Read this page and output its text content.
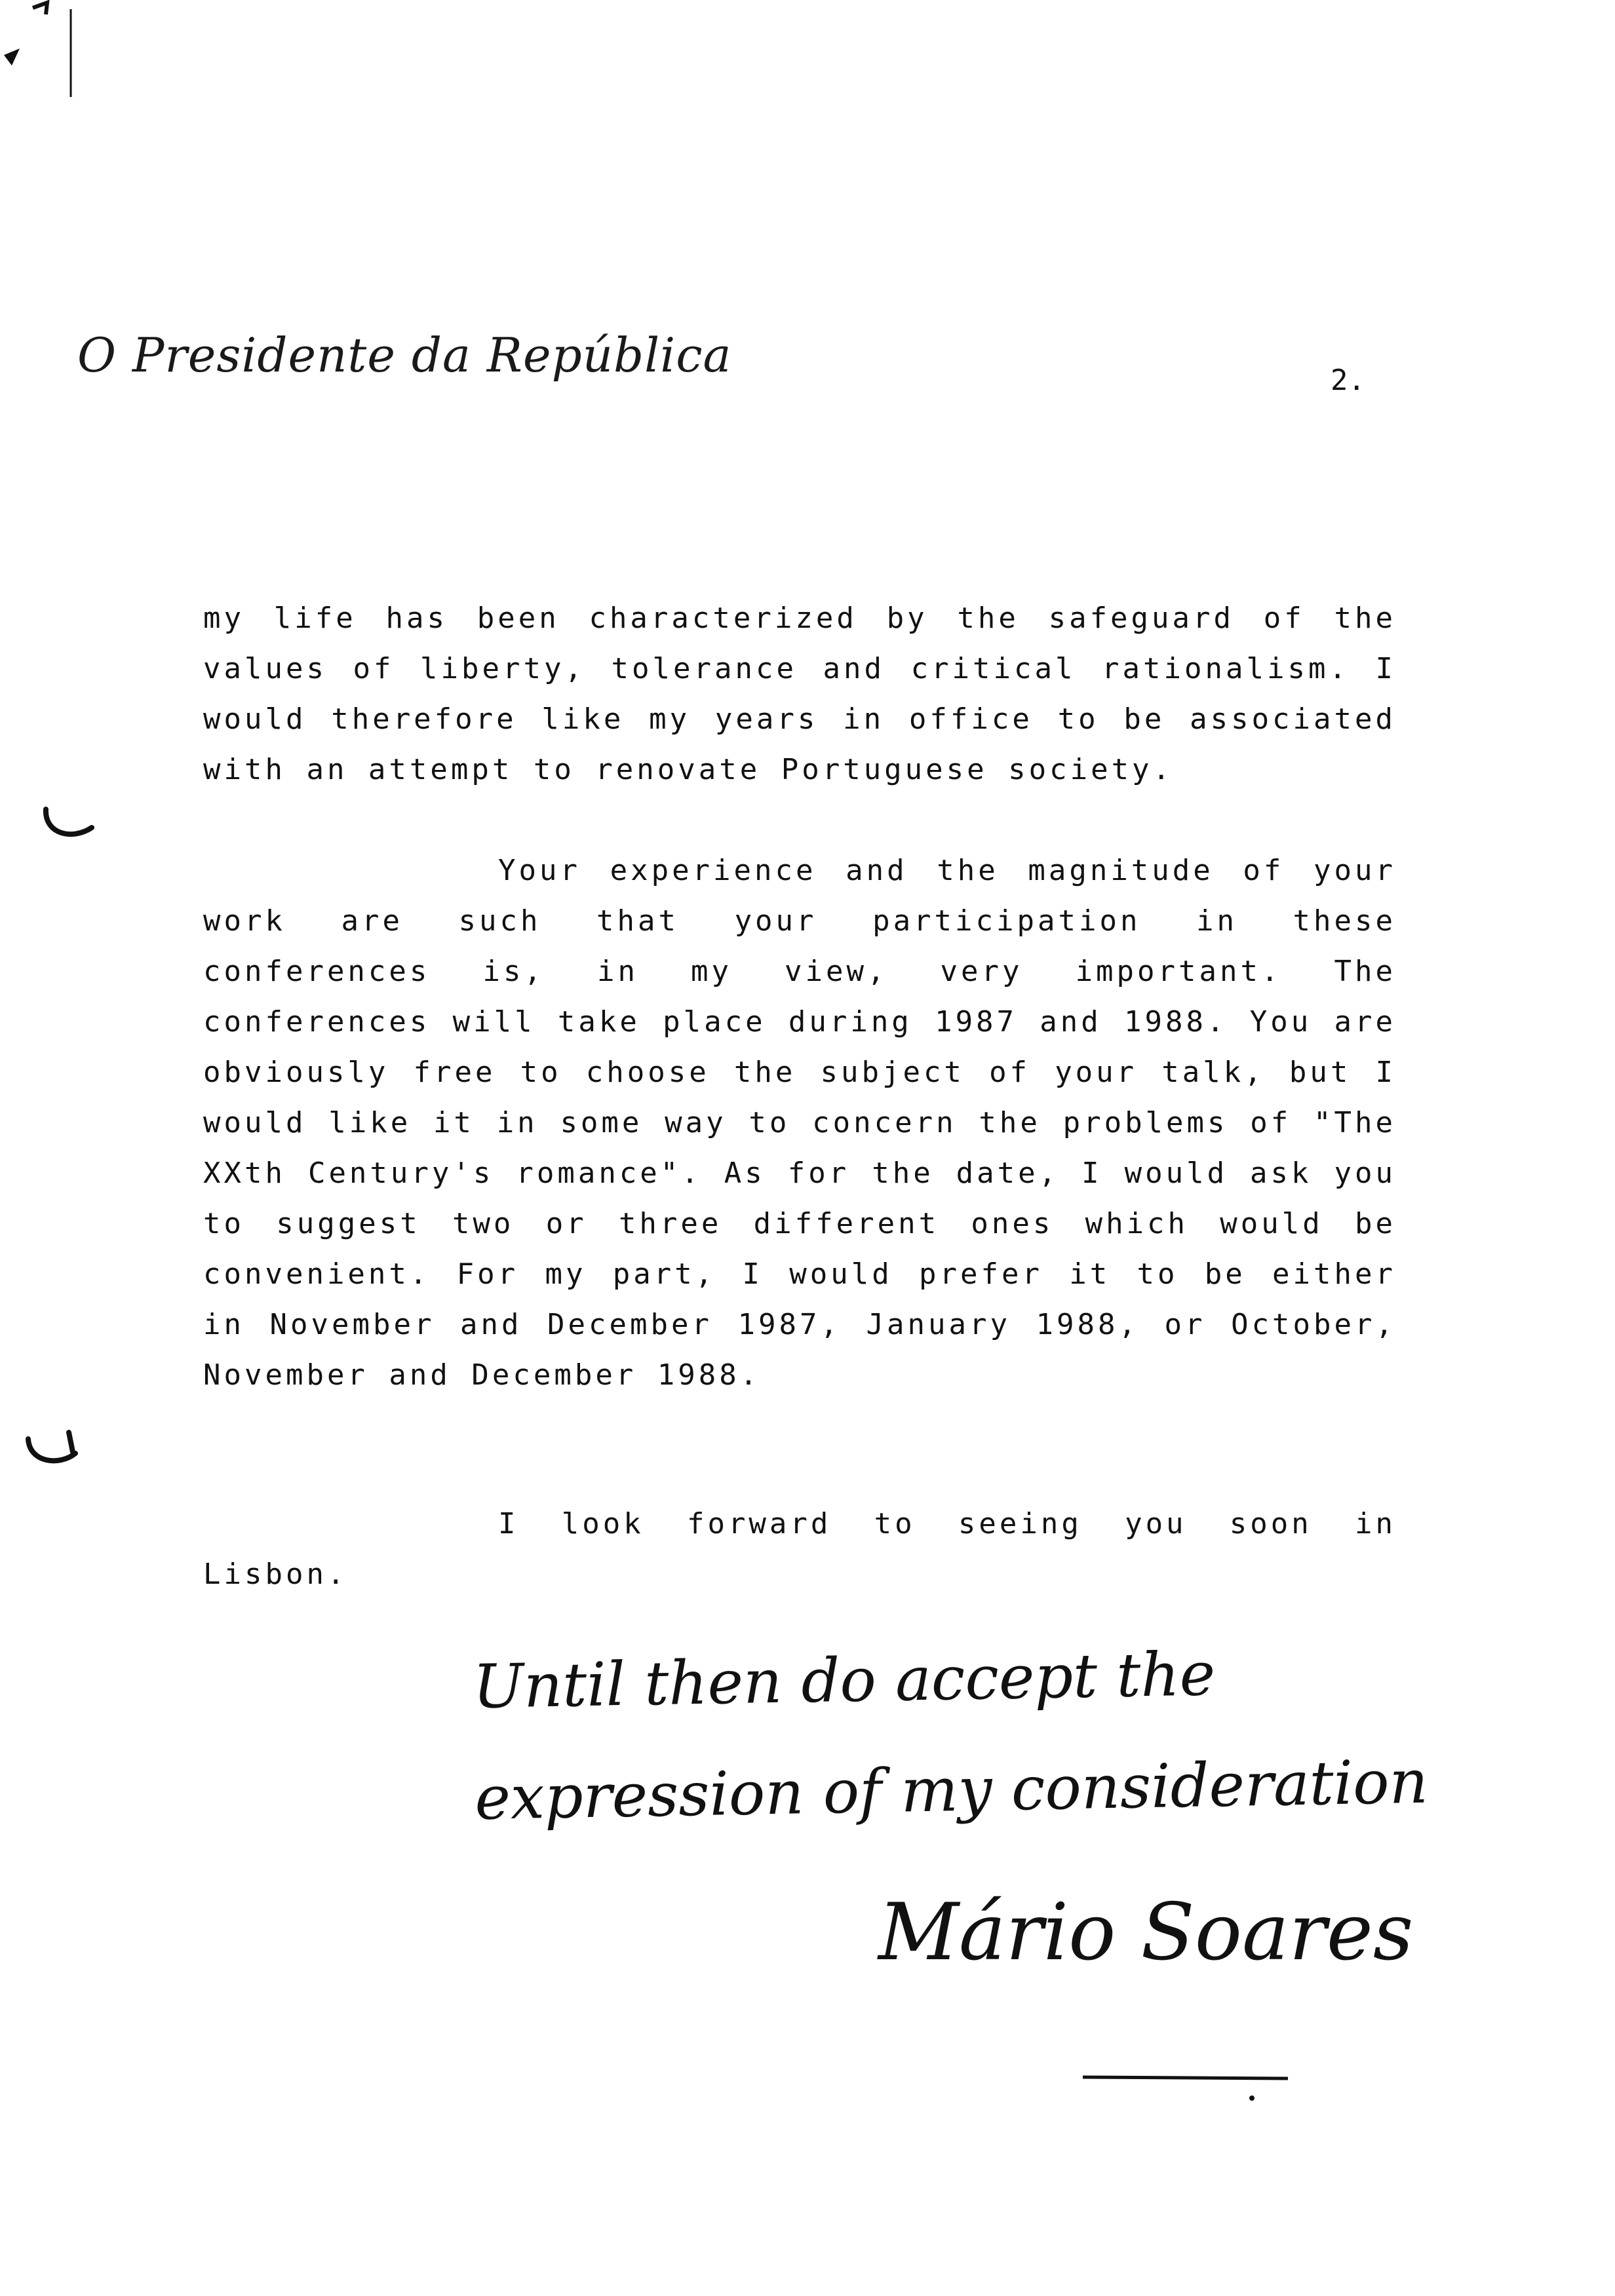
O Presidente da República	2.
my life has been characterized by the safeguard of the values of liberty, tolerance and critical rationalism. I would therefore like my years in office to be associated with an attempt to renovate Portuguese society.
Your experience and the magnitude of your work are such that your participation in these conferences is, in my view, very important. The conferences will take place during 1987 and 1988. You are obviously free to choose the subject of your talk, but I would like it in some way to concern the problems of "The XXth Century's romance". As for the date, I would ask you to suggest two or three different ones which would be convenient. For my part, I would prefer it to be either in November and December 1987, January 1988, or October, November and December 1988.
I look forward to seeing you soon in Lisbon.
Until then do accept the expression of my consideration
Mário Soares
